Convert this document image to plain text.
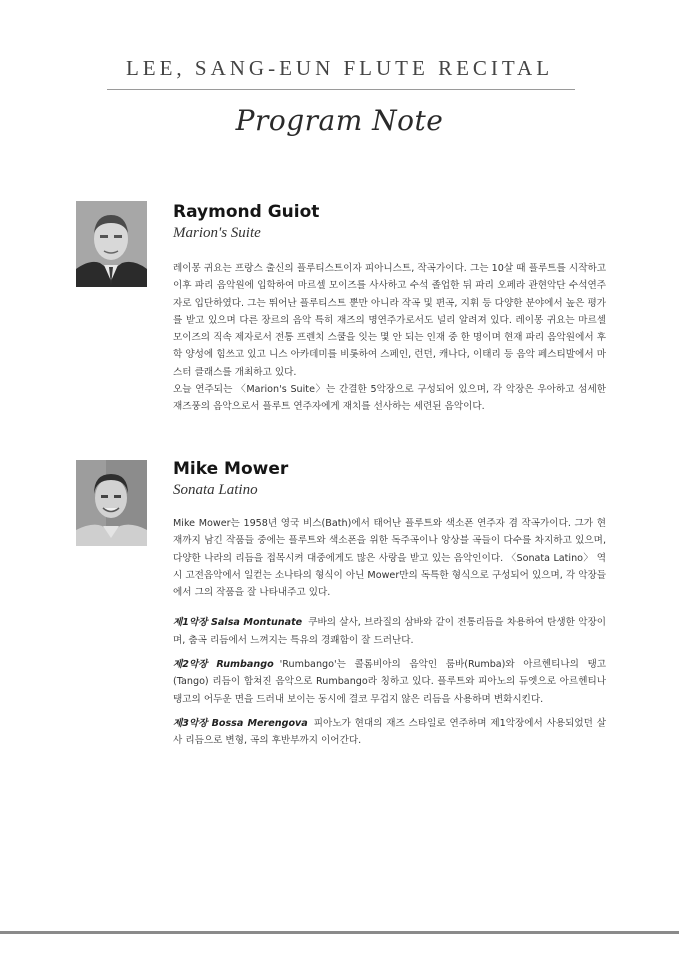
LEE, SANG-EUN FLUTE RECITAL
Program Note
Raymond Guiot

Marion's Suite

레이몽 귀요는 프랑스 출신의 플루티스트이자 피아니스트, 작곡가이다. 그는 10살 때 플루트를 시작하고 이후 파리 음악원에 입학하여 마르셀 모이즈를 사사하고 수석 졸업한 뒤 파리 오페라 관현악단 수석연주자로 입단하였다. 그는 뛰어난 플루티스트 뿐만 아니라 작곡 및 편곡, 지휘 등 다양한 분야에서 높은 평가를 받고 있으며 다른 장르의 음악 특히 재즈의 명연주가로서도 널리 알려져 있다. 레이몽 귀요는 마르셀 모이즈의 직속 제자로서 전통 프렌치 스쿨을 잇는 몇 안 되는 인재 중 한 명이며 현재 파리 음악원에서 후학 양성에 힘쓰고 있고 니스 아카데미를 비롯하여 스페인, 런던, 캐나다, 이태리 등 음악 페스티발에서 마스터 클래스를 개최하고 있다.

오늘 연주되는 〈Marion's Suite〉는 간결한 5악장으로 구성되어 있으며, 각 악장은 우아하고 섬세한 재즈풍의 음악으로서 플루트 연주자에게 재치를 선사하는 세련된 음악이다.

Mike Mower

Sonata Latino

Mike Mower는 1958년 영국 비스(Bath)에서 태어난 플루트와 색소폰 연주자 겸 작곡가이다. 그가 현재까지 남긴 작품들 중에는 플루트와 색소폰을 위한 독주곡이나 앙상블 곡들이 다수를 차지하고 있으며, 다양한 나라의 리듬을 접목시켜 대중에게도 많은 사랑을 받고 있는 음악인이다. 〈Sonata Latino〉 역시 고전음악에서 일컫는 소나타의 형식이 아닌 Mower만의 독특한 형식으로 구성되어 있으며, 각 악장들에서 그의 작품을 잘 나타내주고 있다.

제1악장 Salsa Montunate 쿠바의 살사, 브라질의 삼바와 같이 전통리듬을 차용하여 탄생한 악장이며, 춤곡 리듬에서 느껴지는 특유의 경쾌함이 잘 드러난다.
제2악장 Rumbango 'Rumbango'는 콜롬비아의 음악인 룸바(Rumba)와 아르헨티나의 탱고(Tango) 리듬이 합쳐진 음악으로 Rumbango라 칭하고 있다. 플루트와 피아노의 듀엣으로 아르헨티나 탱고의 어두운 면을 드러내 보이는 동시에 결코 무겁지 않은 리듬을 사용하며 변화시킨다.
제3악장 Bossa Merengova 피아노가 현대의 재즈 스타일로 연주하며 제1악장에서 사용되었던 살사 리듬으로 변형, 곡의 후반부까지 이어간다.
